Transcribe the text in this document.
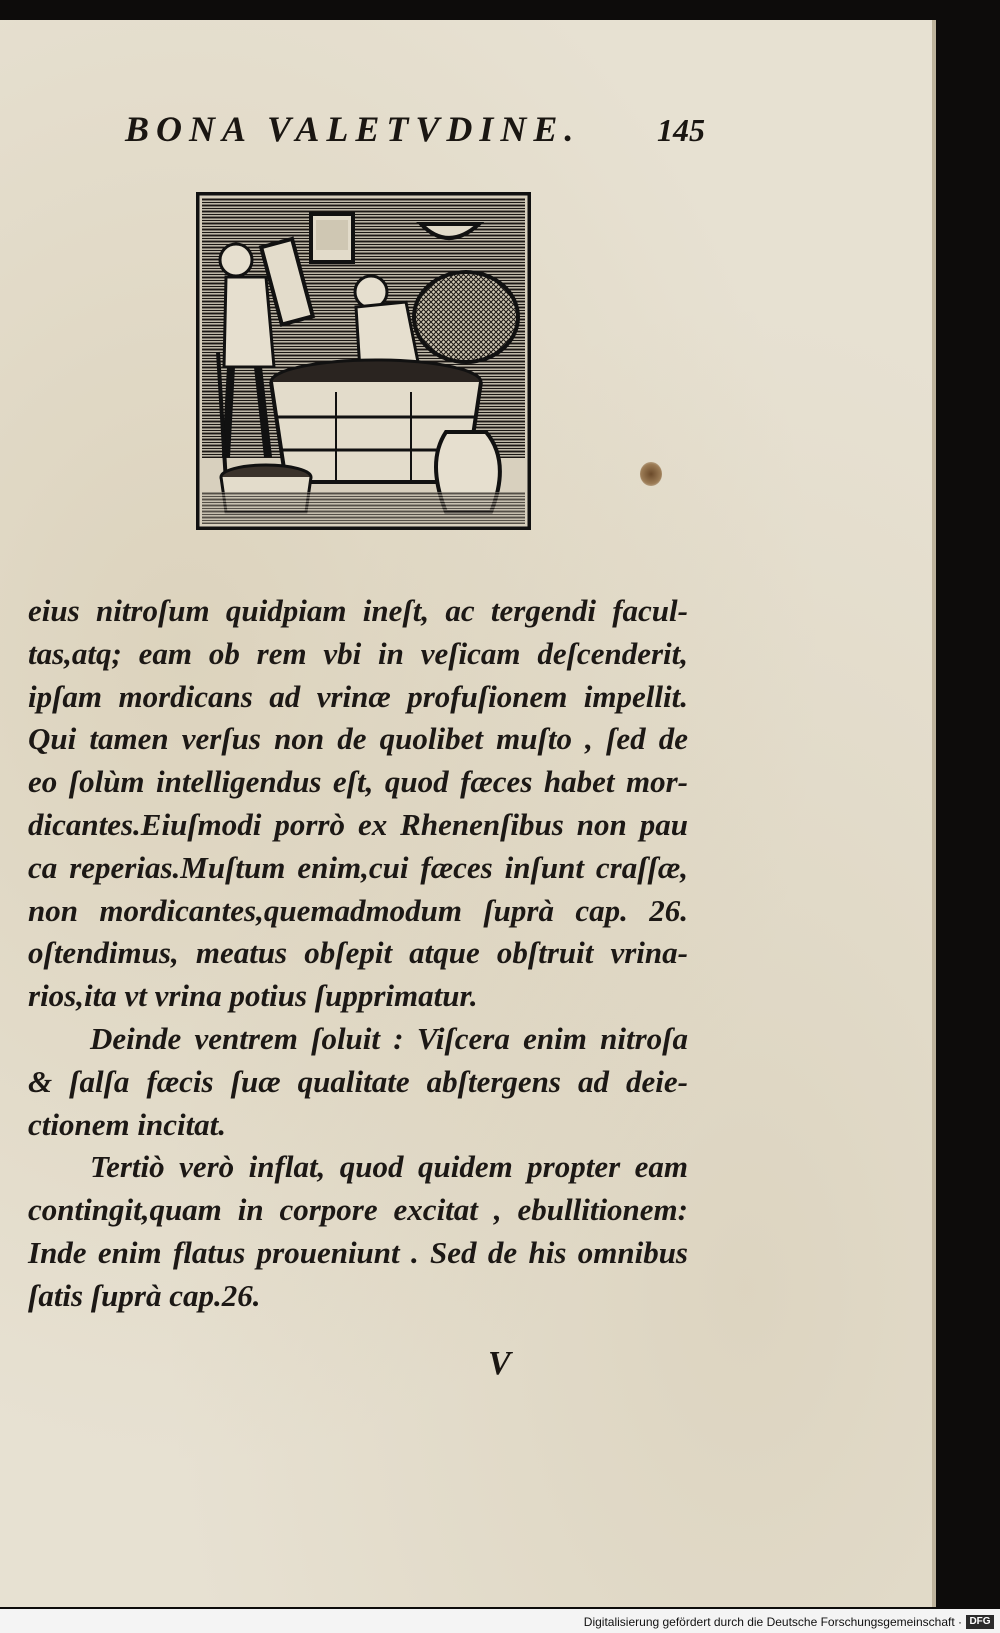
BONA VALETVDINE. 145
eius nitroſum quidpiam ineſt, ac tergendi facul-
tas,atq; eam ob rem vbi in veſicam deſcenderit,
ipſam mordicans ad vrinæ profuſionem impellit.
Qui tamen verſus non de quolibet muſto , ſed de
eo ſolùm intelligendus eſt, quod fæces habet mor-
dicantes.Eiuſmodi porrò ex Rhenenſibus non pau
ca reperias.Muſtum enim,cui fæces inſunt craſſæ,
non mordicantes,quemadmodum ſuprà cap. 26.
oſtendimus, meatus obſepit atque obſtruit vrina-
rios,ita vt vrina potius ſupprimatur.
Deinde ventrem ſoluit : Viſcera enim nitroſa
& ſalſa fæcis ſuæ qualitate abſtergens ad deie-
ctionem incitat.
Tertiò verò inflat, quod quidem propter eam
contingit,quam in corpore excitat , ebullitionem:
Inde enim flatus proueniunt . Sed de his omnibus
ſatis ſuprà cap.26.
V
Digitalisierung gefördert durch die Deutsche Forschungsgemeinschaft · DFG
